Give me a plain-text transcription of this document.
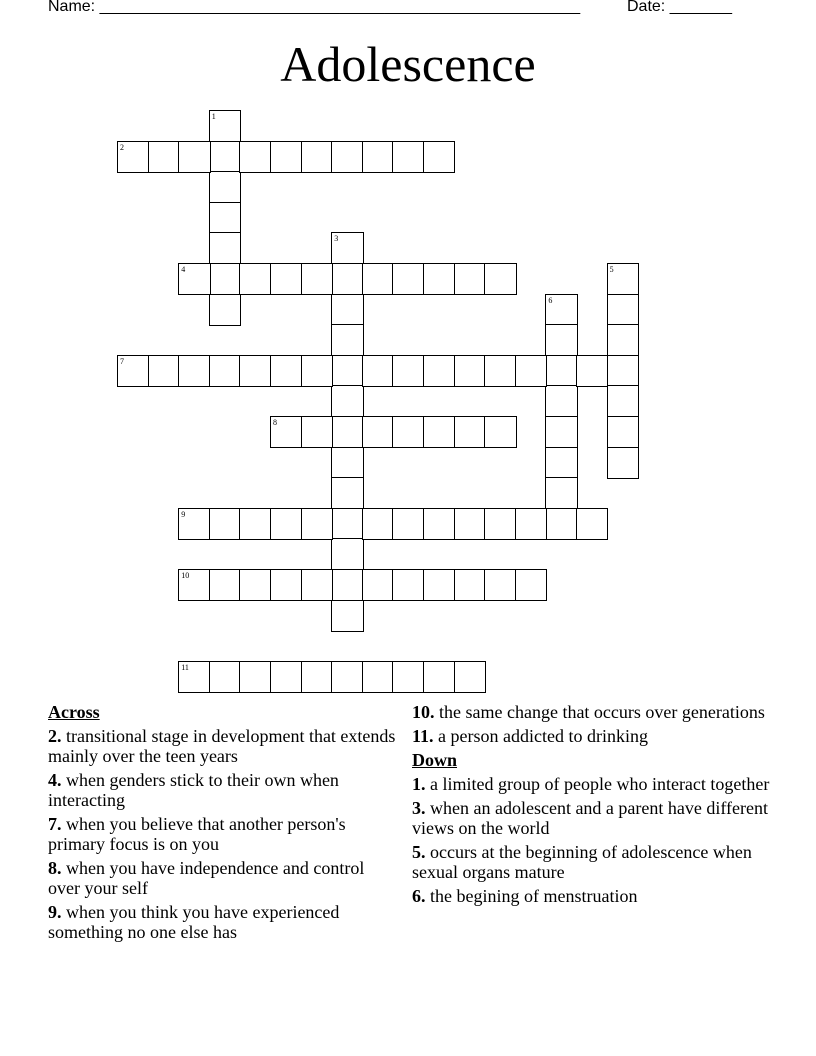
Name: ______________________________________________________	Date: _______
Adolescence
1
2
3
4	5
6
7
8
9
10
11
Across
2. transitional stage in development that extends mainly over the teen years
4. when genders stick to their own when interacting
7. when you believe that another person's primary focus is on you
8. when you have independence and control over your self
9. when you think you have experienced something no one else has
10. the same change that occurs over generations
11. a person addicted to drinking
Down
1. a limited group of people who interact together
3. when an adolescent and a parent have different views on the world
5. occurs at the beginning of adolescence when sexual organs mature
6. the begining of menstruation
